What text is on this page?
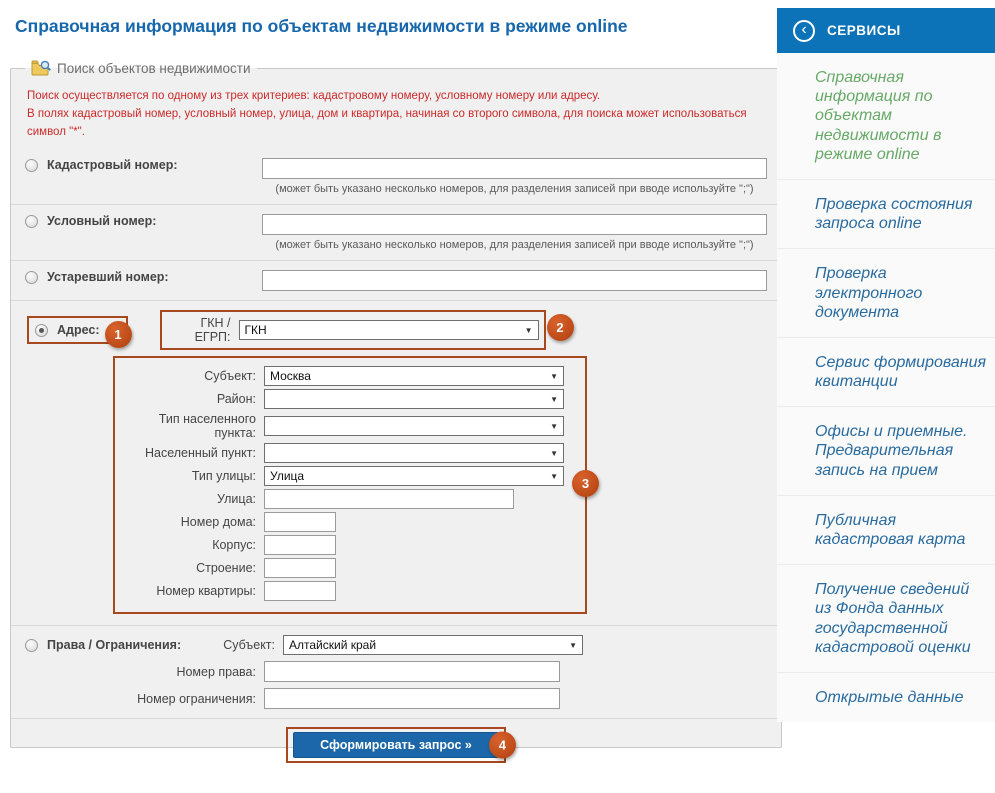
Справочная информация по объектам недвижимости в режиме online
Поиск объектов недвижимости
Поиск осуществляется по одному из трех критериев: кадастровому номеру, условному номеру или адресу.
В полях кадастровый номер, условный номер, улица, дом и квартира, начиная со второго символа, для поиска может использоваться символ "*".
Кадастровый номер:
(может быть указано несколько номеров, для разделения записей при вводе используйте ";")
Условный номер:
(может быть указано несколько номеров, для разделения записей при вводе используйте ";")
Устаревший номер:
Адрес:	1
ГКН / ЕГРП:	ГКН	▼	2
3
Субъект:	Москва	▼
Район:	▼
Тип населенного пункта:	▼
Населенный пункт:	▼
Тип улицы:	Улица	▼
Улица:
Номер дома:
Корпус:
Строение:
Номер квартиры:
Права / Ограничения:	Субъект:	Алтайский край	▼
Номер права:
Номер ограничения:
Сформировать запрос »	4
‹	СЕРВИСЫ
Справочная информация по объектам недвижимости в режиме online
Проверка состояния запроса online
Проверка электронного документа
Сервис формирования квитанции
Офисы и приемные. Предварительная запись на прием
Публичная кадастровая карта
Получение сведений из Фонда данных государственной кадастровой оценки
Открытые данные
